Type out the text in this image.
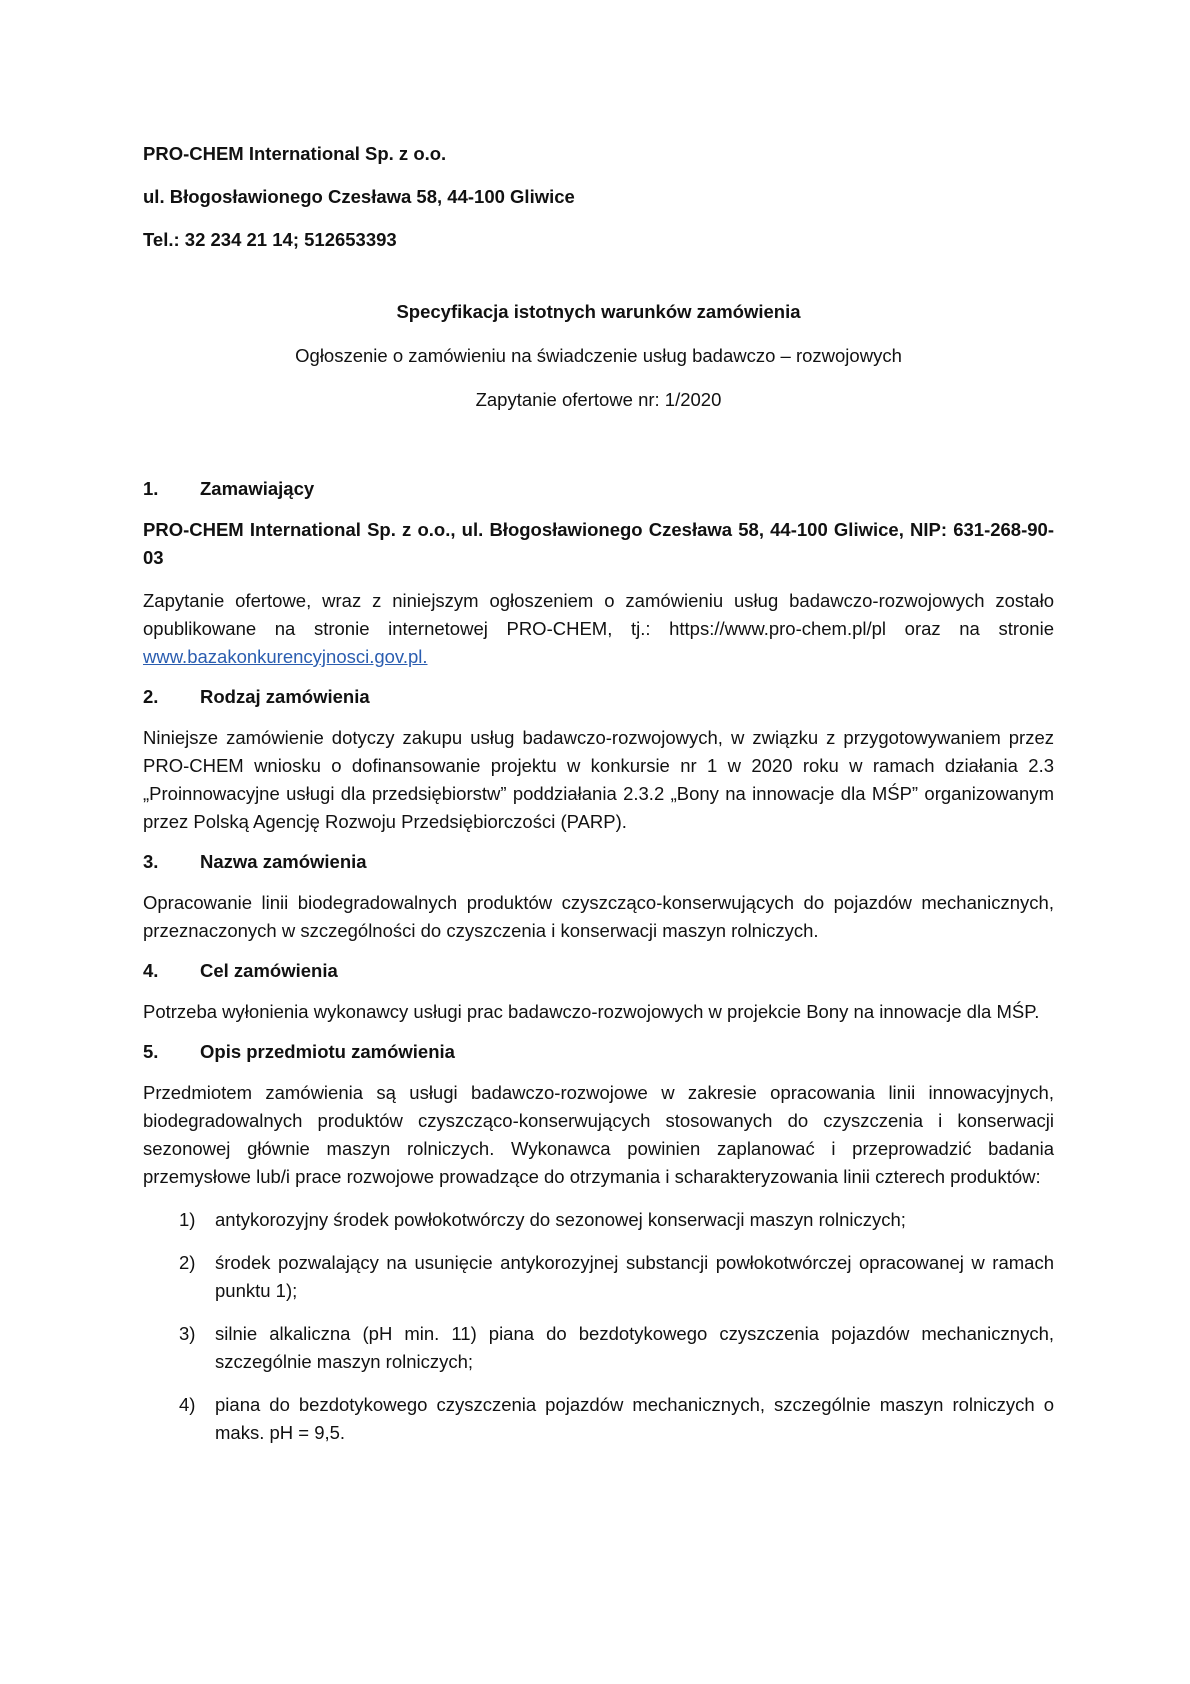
PRO-CHEM International Sp. z o.o.

ul. Błogosławionego Czesława 58, 44-100 Gliwice

Tel.: 32 234 21 14; 512653393

Specyfikacja istotnych warunków zamówienia

Ogłoszenie o zamówieniu na świadczenie usług badawczo – rozwojowych

Zapytanie ofertowe nr: 1/2020

1.	Zamawiający

PRO-CHEM International Sp. z o.o., ul. Błogosławionego Czesława 58, 44-100 Gliwice, NIP: 631-268-90-03

Zapytanie ofertowe, wraz z niniejszym ogłoszeniem o zamówieniu usług badawczo-rozwojowych zostało opublikowane na stronie internetowej PRO-CHEM, tj.: https://www.pro-chem.pl/pl oraz na stronie www.bazakonkurencyjnosci.gov.pl.

2.	Rodzaj zamówienia

Niniejsze zamówienie dotyczy zakupu usług badawczo-rozwojowych, w związku z przygotowywaniem przez PRO-CHEM wniosku o dofinansowanie projektu w konkursie nr 1 w 2020 roku w ramach działania 2.3 „Proinnowacyjne usługi dla przedsiębiorstw” poddziałania 2.3.2 „Bony na innowacje dla MŚP” organizowanym przez Polską Agencję Rozwoju Przedsiębiorczości (PARP).

3.	Nazwa zamówienia

Opracowanie linii biodegradowalnych produktów czyszcząco-konserwujących do pojazdów mechanicznych, przeznaczonych w szczególności do czyszczenia i konserwacji maszyn rolniczych.

4.	Cel zamówienia

Potrzeba wyłonienia wykonawcy usługi prac badawczo-rozwojowych w projekcie Bony na innowacje dla MŚP.

5.	Opis przedmiotu zamówienia

Przedmiotem zamówienia są usługi badawczo-rozwojowe w zakresie opracowania linii innowacyjnych, biodegradowalnych produktów czyszcząco-konserwujących stosowanych do czyszczenia i konserwacji sezonowej głównie maszyn rolniczych. Wykonawca powinien zaplanować i przeprowadzić badania przemysłowe lub/i prace rozwojowe prowadzące do otrzymania i scharakteryzowania linii czterech produktów:

1)	antykorozyjny środek powłokotwórczy do sezonowej konserwacji maszyn rolniczych;
2)	środek pozwalający na usunięcie antykorozyjnej substancji powłokotwórczej opracowanej w ramach punktu 1);
3)	silnie alkaliczna (pH min. 11) piana do bezdotykowego czyszczenia pojazdów mechanicznych, szczególnie maszyn rolniczych;
4)	piana do bezdotykowego czyszczenia pojazdów mechanicznych, szczególnie maszyn rolniczych o maks. pH = 9,5.
